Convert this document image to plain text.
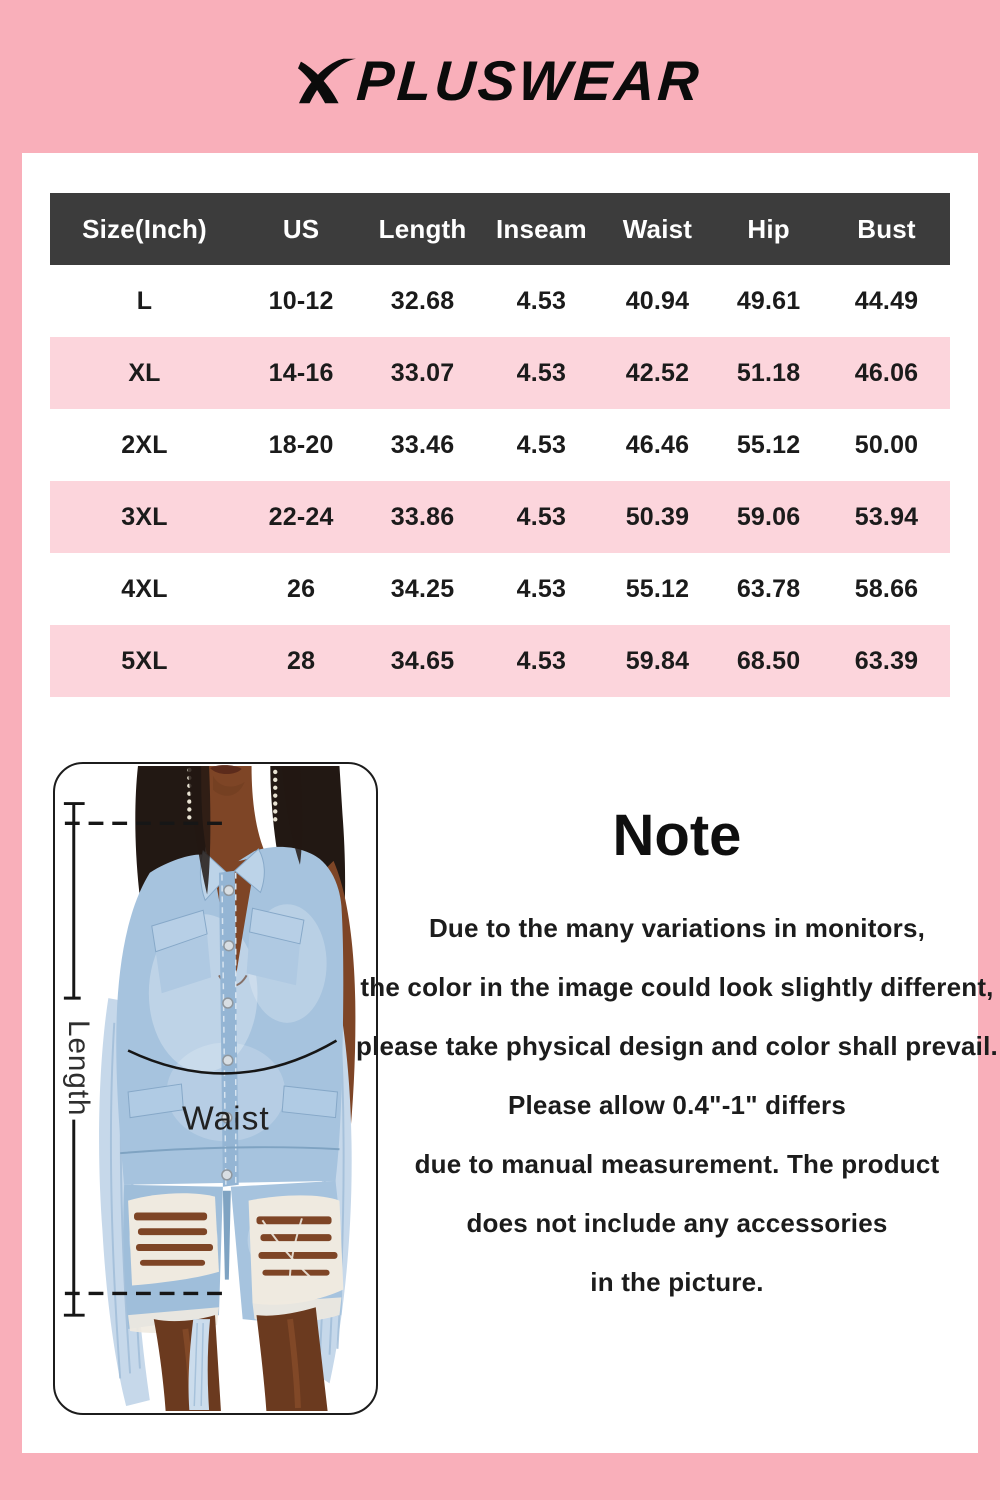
PLUSWEAR
Size(Inch)	US	Length	Inseam	Waist	Hip	Bust
L	10-12	32.68	4.53	40.94	49.61	44.49
XL	14-16	33.07	4.53	42.52	51.18	46.06
2XL	18-20	33.46	4.53	46.46	55.12	50.00
3XL	22-24	33.86	4.53	50.39	59.06	53.94
4XL	26	34.25	4.53	55.12	63.78	58.66
5XL	28	34.65	4.53	59.84	68.50	63.39
Length
Waist
Note
Due to the many variations in monitors,
the color in the image could look slightly different,
please take physical design and color shall prevail.
Please allow 0.4"-1" differs
due to manual measurement. The product
does not include any accessories
in the picture.
